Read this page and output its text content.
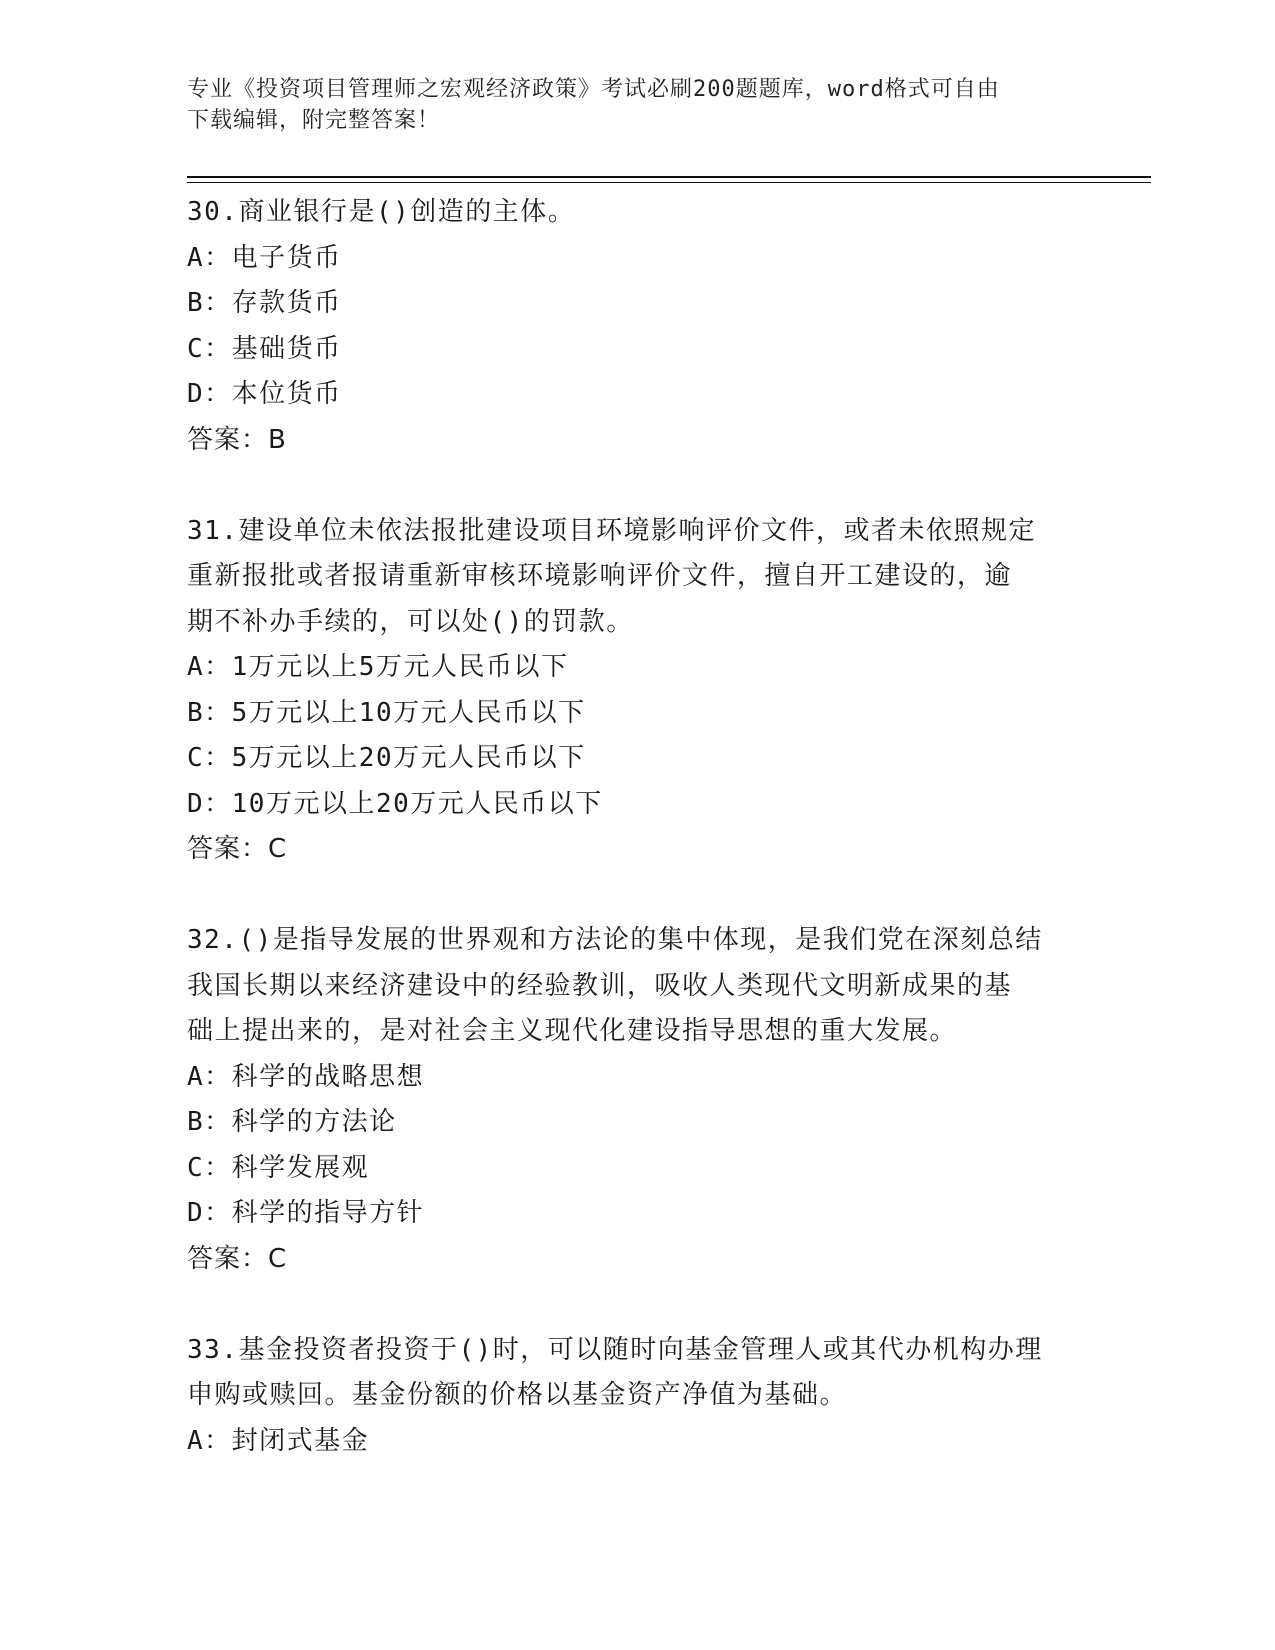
专业《投资项目管理师之宏观经济政策》考试必刷200题题库，word格式可自由
下载编辑，附完整答案！

30.商业银行是()创造的主体。

A：电子货币

B：存款货币

C：基础货币

D：本位货币

答案：B

31.建设单位未依法报批建设项目环境影响评价文件，或者未依照规定

重新报批或者报请重新审核环境影响评价文件，擅自开工建设的，逾

期不补办手续的，可以处()的罚款。

A：1万元以上5万元人民币以下

B：5万元以上10万元人民币以下

C：5万元以上20万元人民币以下

D：10万元以上20万元人民币以下

答案：C

32.()是指导发展的世界观和方法论的集中体现，是我们党在深刻总结

我国长期以来经济建设中的经验教训，吸收人类现代文明新成果的基

础上提出来的，是对社会主义现代化建设指导思想的重大发展。

A：科学的战略思想

B：科学的方法论

C：科学发展观

D：科学的指导方针

答案：C

33.基金投资者投资于()时，可以随时向基金管理人或其代办机构办理

申购或赎回。基金份额的价格以基金资产净值为基础。

A：封闭式基金
